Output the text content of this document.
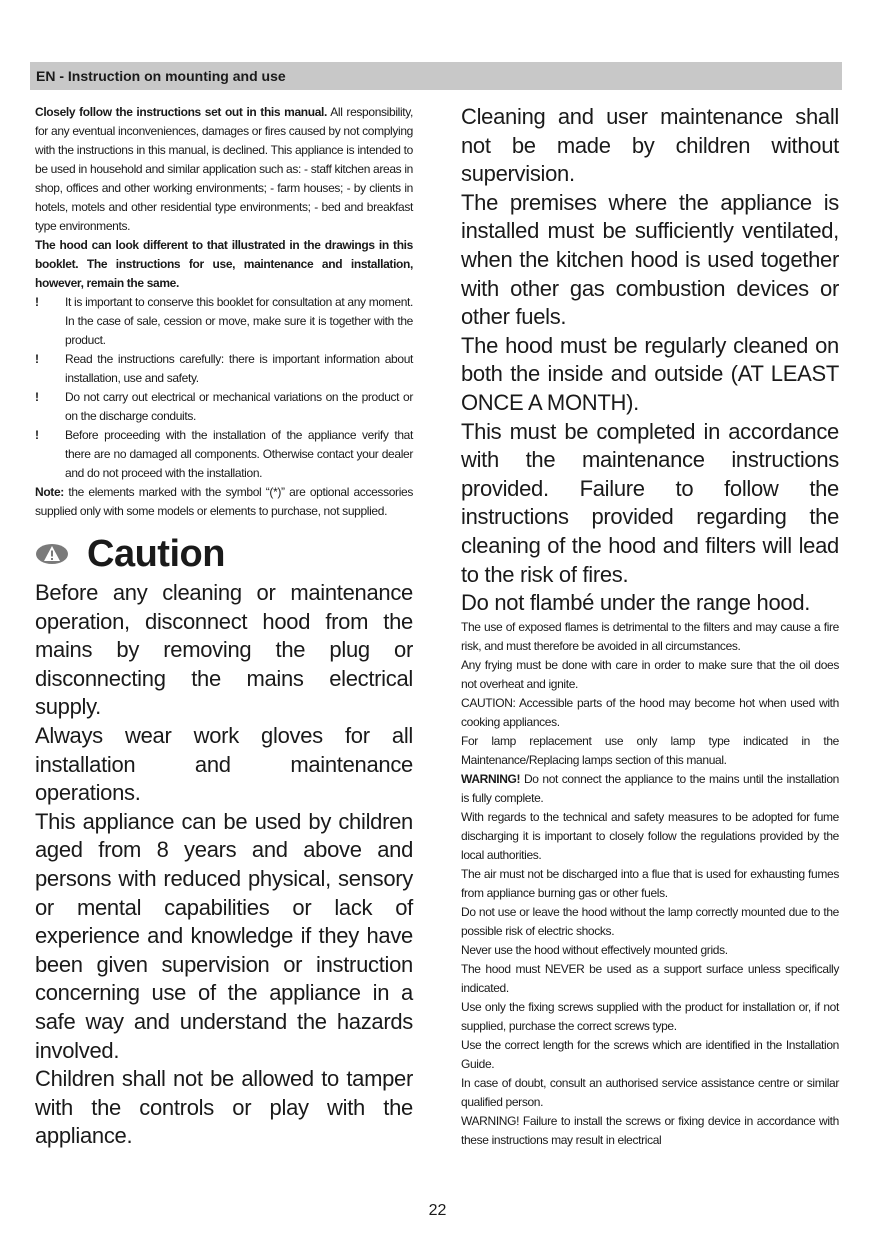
EN - Instruction on mounting and use

Closely follow the instructions set out in this manual. All responsibility, for any eventual inconveniences, damages or fires caused by not complying with the instructions in this manual, is declined. This appliance is intended to be used in household and similar application such as: - staff kitchen areas in shop, offices and other working environments; - farm houses; - by clients in hotels, motels and other residential type environments; - bed and breakfast type environments.

The hood can look different to that illustrated in the drawings in this booklet. The instructions for use, maintenance and installation, however, remain the same.

! It is important to conserve this booklet for consultation at any moment. In the case of sale, cession or move, make sure it is together with the product.
! Read the instructions carefully: there is important information about installation, use and safety.
! Do not carry out electrical or mechanical variations on the product or on the discharge conduits.
! Before proceeding with the installation of the appliance verify that there are no damaged all components. Otherwise contact your dealer and do not proceed with the installation.

Note: the elements marked with the symbol “(*)” are optional accessories supplied only with some models or elements to purchase, not supplied.

Caution

Before any cleaning or maintenance operation, disconnect hood from the mains by removing the plug or disconnecting the mains electrical supply.

Always wear work gloves for all installation and maintenance operations.

This appliance can be used by children aged from 8 years and above and persons with reduced physical, sensory or mental capabilities or lack of experience and knowledge if they have been given supervision or instruction concerning use of the appliance in a safe way and understand the hazards involved.

Children shall not be allowed to tamper with the controls or play with the appliance.

Cleaning and user maintenance shall not be made by children without supervision.

The premises where the appliance is installed must be sufficiently ventilated, when the kitchen hood is used together with other gas combustion devices or other fuels.

The hood must be regularly cleaned on both the inside and outside (AT LEAST ONCE A MONTH).

This must be completed in accordance with the maintenance instructions provided. Failure to follow the instructions provided regarding the cleaning of the hood and filters will lead to the risk of fires.

Do not flambé under the range hood.

The use of exposed flames is detrimental to the filters and may cause a fire risk, and must therefore be avoided in all circumstances.

Any frying must be done with care in order to make sure that the oil does not overheat and ignite.

CAUTION: Accessible parts of the hood may become hot when used with cooking appliances.

For lamp replacement use only lamp type indicated in the Maintenance/Replacing lamps section of this manual.

WARNING! Do not connect the appliance to the mains until the installation is fully complete.

With regards to the technical and safety measures to be adopted for fume discharging it is important to closely follow the regulations provided by the local authorities.

The air must not be discharged into a flue that is used for exhausting fumes from appliance burning gas or other fuels.

Do not use or leave the hood without the lamp correctly mounted due to the possible risk of electric shocks.

Never use the hood without effectively mounted grids.

The hood must NEVER be used as a support surface unless specifically indicated.

Use only the fixing screws supplied with the product for installation or, if not supplied, purchase the correct screws type.

Use the correct length for the screws which are identified in the Installation Guide.

In case of doubt, consult an authorised service assistance centre or similar qualified person.

WARNING! Failure to install the screws or fixing device in accordance with these instructions may result in electrical

22
